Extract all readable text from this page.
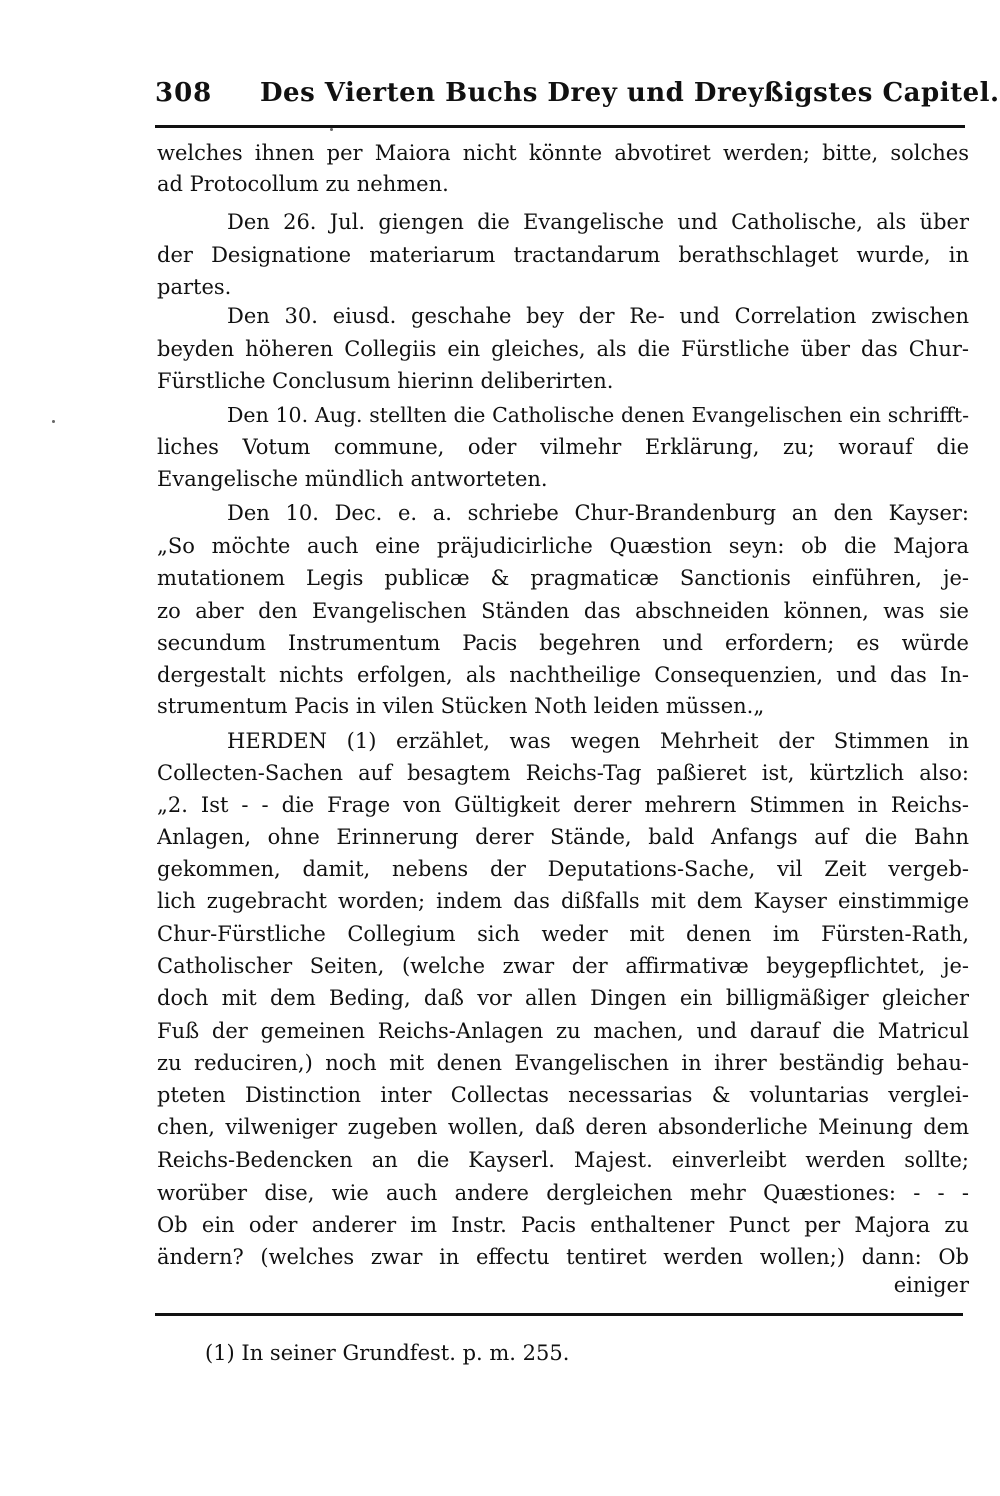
308 Des Vierten Buchs Drey und Dreyßigstes Capitel.
welches ihnen per Maiora nicht könnte abvotiret werden; bitte, solches
ad Protocollum zu nehmen.
Den 26. Jul. giengen die Evangelische und Catholische, als über
der Designatione materiarum tractandarum berathschlaget wurde, in
partes.
Den 30. eiusd. geschahe bey der Re- und Correlation zwischen
beyden höheren Collegiis ein gleiches, als die Fürstliche über das Chur-
Fürstliche Conclusum hierinn deliberirten.
Den 10. Aug. stellten die Catholische denen Evangelischen ein schrifft-
liches Votum commune, oder vilmehr Erklärung, zu; worauf die
Evangelische mündlich antworteten.
Den 10. Dec. e. a. schriebe Chur-Brandenburg an den Kayser:
„So möchte auch eine präjudicirliche Quæstion seyn: ob die Majora
mutationem Legis publicæ & pragmaticæ Sanctionis einführen, je-
zo aber den Evangelischen Ständen das abschneiden können, was sie
secundum Instrumentum Pacis begehren und erfordern; es würde
dergestalt nichts erfolgen, als nachtheilige Consequenzien, und das In-
strumentum Pacis in vilen Stücken Noth leiden müssen.„
HERDEN (1) erzählet, was wegen Mehrheit der Stimmen in
Collecten-Sachen auf besagtem Reichs-Tag paßieret ist, kürtzlich also:
„2. Ist - - die Frage von Gültigkeit derer mehrern Stimmen in Reichs-
Anlagen, ohne Erinnerung derer Stände, bald Anfangs auf die Bahn
gekommen, damit, nebens der Deputations-Sache, vil Zeit vergeb-
lich zugebracht worden; indem das dißfalls mit dem Kayser einstimmige
Chur-Fürstliche Collegium sich weder mit denen im Fürsten-Rath,
Catholischer Seiten, (welche zwar der affirmativæ beygepflichtet, je-
doch mit dem Beding, daß vor allen Dingen ein billigmäßiger gleicher
Fuß der gemeinen Reichs-Anlagen zu machen, und darauf die Matricul
zu reduciren,) noch mit denen Evangelischen in ihrer beständig behau-
pteten Distinction inter Collectas necessarias & voluntarias verglei-
chen, vilweniger zugeben wollen, daß deren absonderliche Meinung dem
Reichs-Bedencken an die Kayserl. Majest. einverleibt werden sollte;
worüber dise, wie auch andere dergleichen mehr Quæstiones: - - -
Ob ein oder anderer im Instr. Pacis enthaltener Punct per Majora zu
ändern? (welches zwar in effectu tentiret werden wollen;) dann: Ob
einiger
(1) In seiner Grundfest. p. m. 255.
